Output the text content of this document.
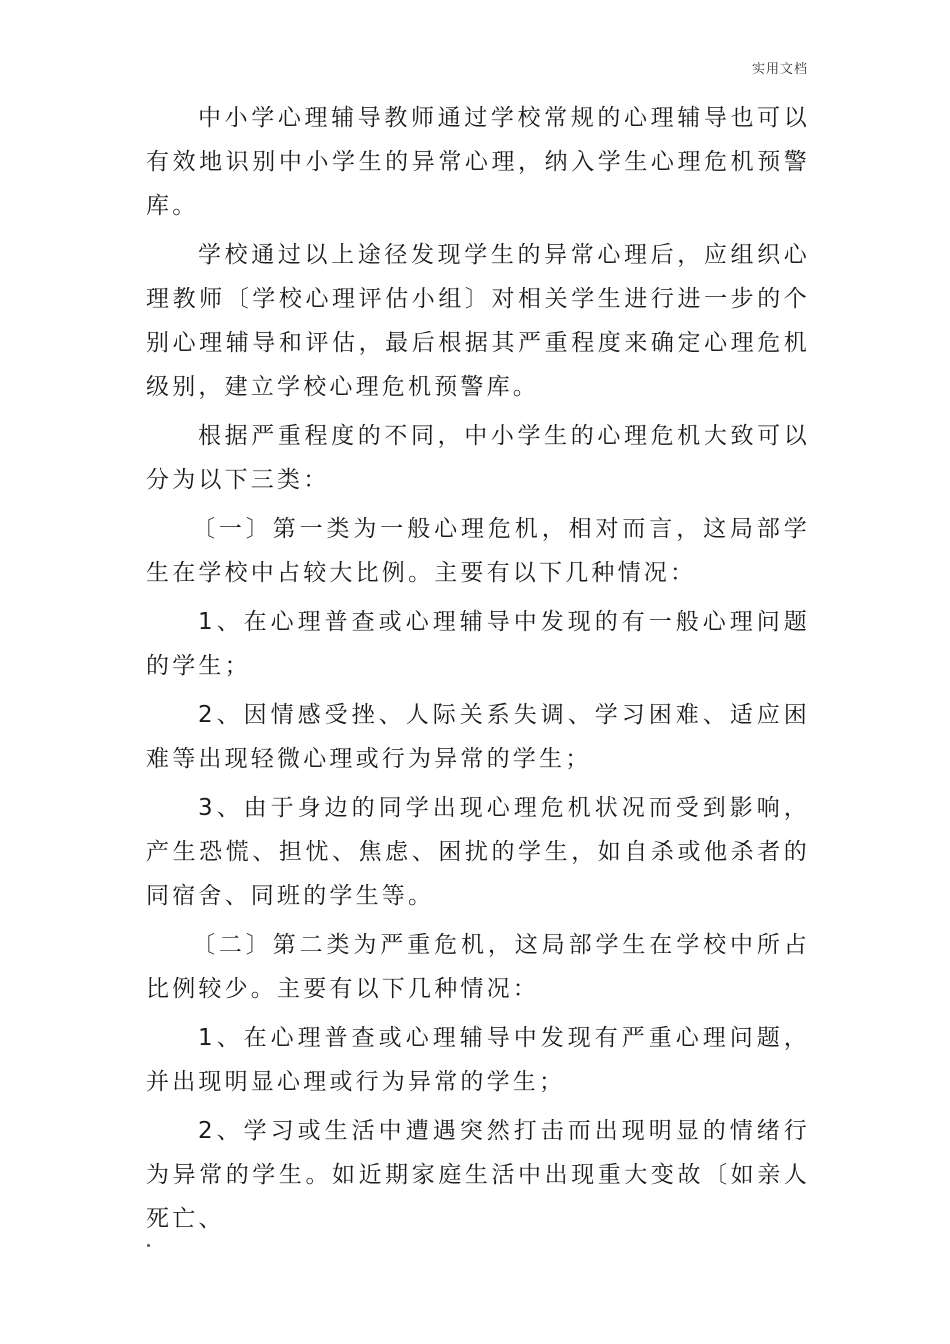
实用文档

中小学心理辅导教师通过学校常规的心理辅导也可以有效地识别中小学生的异常心理，纳入学生心理危机预警库。

学校通过以上途径发现学生的异常心理后，应组织心理教师〔学校心理评估小组〕对相关学生进行进一步的个别心理辅导和评估，最后根据其严重程度来确定心理危机级别，建立学校心理危机预警库。

根据严重程度的不同，中小学生的心理危机大致可以分为以下三类：

〔一〕第一类为一般心理危机，相对而言，这局部学生在学校中占较大比例。主要有以下几种情况：

1、在心理普查或心理辅导中发现的有一般心理问题的学生；

2、因情感受挫、人际关系失调、学习困难、适应困难等出现轻微心理或行为异常的学生；

3、由于身边的同学出现心理危机状况而受到影响，产生恐慌、担忧、焦虑、困扰的学生，如自杀或他杀者的同宿舍、同班的学生等。

〔二〕第二类为严重危机，这局部学生在学校中所占比例较少。主要有以下几种情况：

1、在心理普查或心理辅导中发现有严重心理问题，并出现明显心理或行为异常的学生；

2、学习或生活中遭遇突然打击而出现明显的情绪行为异常的学生。如近期家庭生活中出现重大变故〔如亲人死亡、
